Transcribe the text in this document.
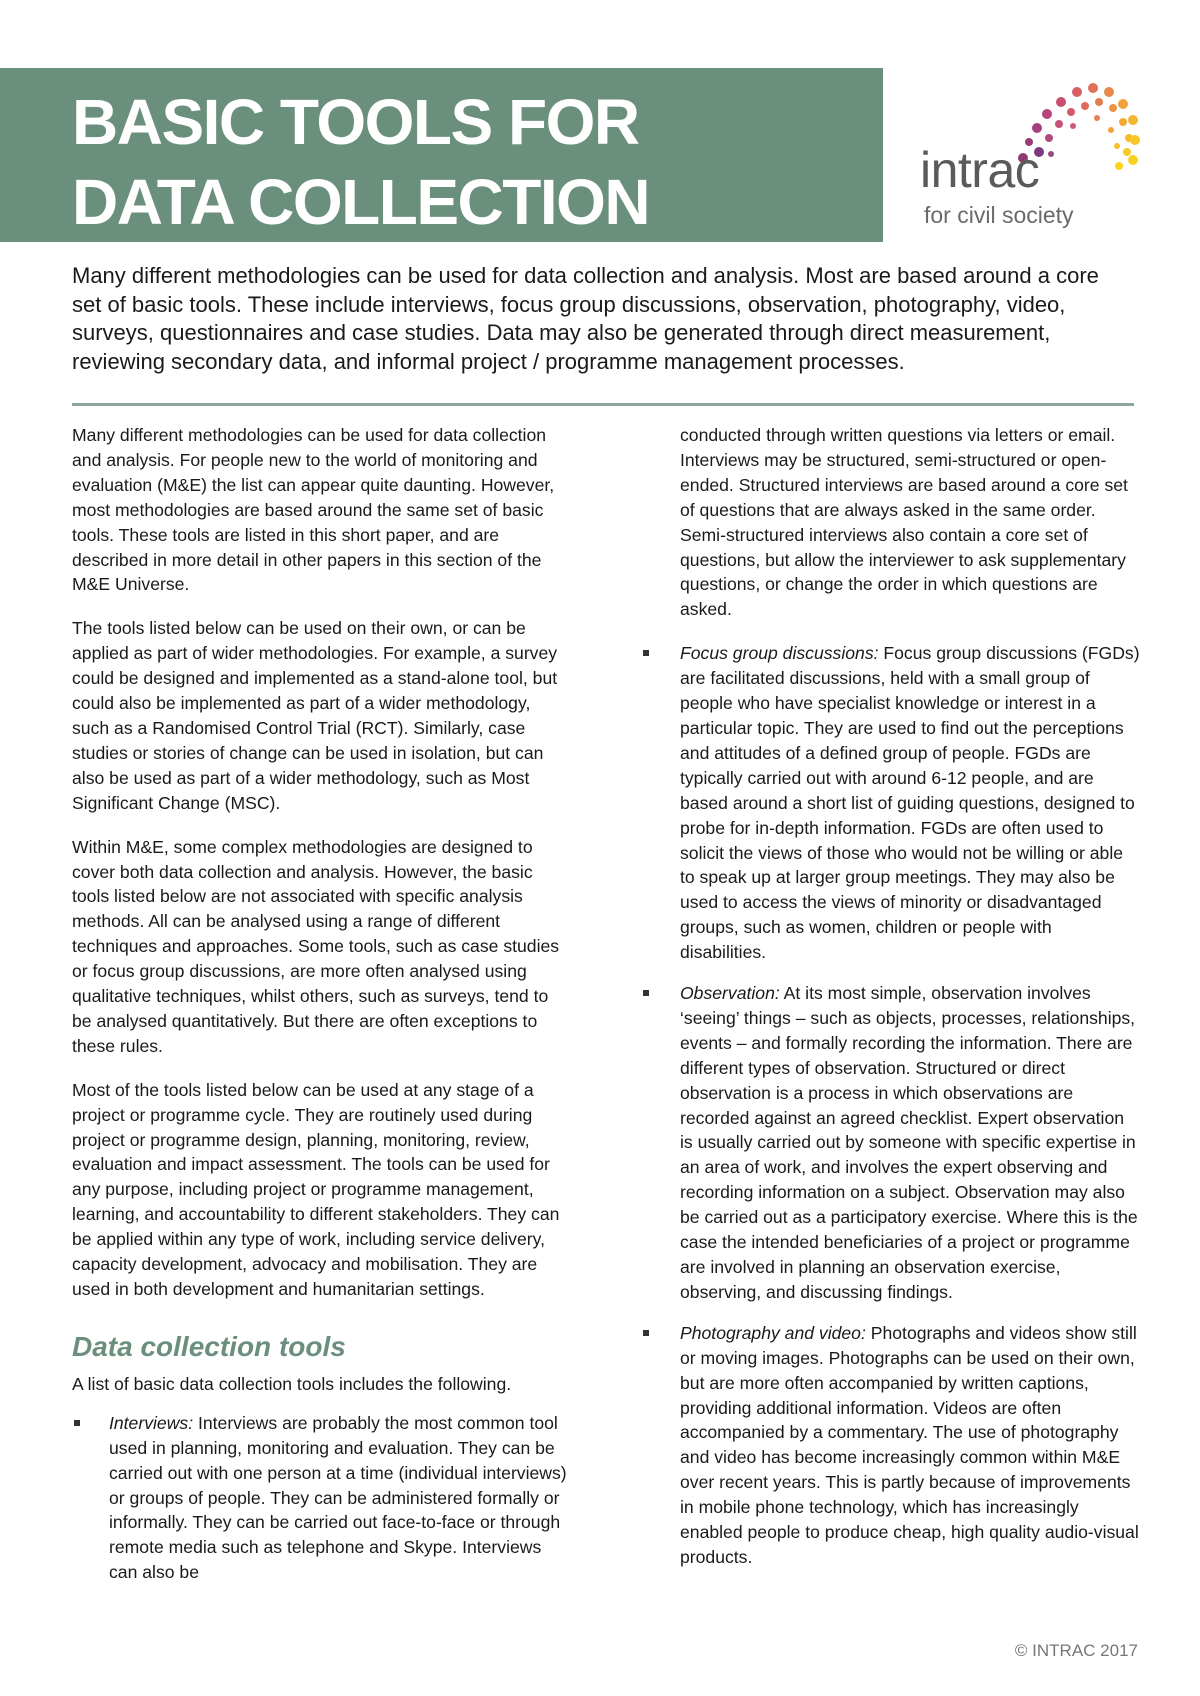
BASIC TOOLS FOR
DATA COLLECTION	intrac
for civil society

Many different methodologies can be used for data collection and analysis. Most are based around a core set of basic tools. These include interviews, focus group discussions, observation, photography, video, surveys, questionnaires and case studies. Data may also be generated through direct measurement, reviewing secondary data, and informal project / programme management processes.

Many different methodologies can be used for data collection and analysis. For people new to the world of monitoring and evaluation (M&E) the list can appear quite daunting. However, most methodologies are based around the same set of basic tools. These tools are listed in this short paper, and are described in more detail in other papers in this section of the M&E Universe.

The tools listed below can be used on their own, or can be applied as part of wider methodologies. For example, a survey could be designed and implemented as a stand-alone tool, but could also be implemented as part of a wider methodology, such as a Randomised Control Trial (RCT). Similarly, case studies or stories of change can be used in isolation, but can also be used as part of a wider methodology, such as Most Significant Change (MSC).

Within M&E, some complex methodologies are designed to cover both data collection and analysis. However, the basic tools listed below are not associated with specific analysis methods. All can be analysed using a range of different techniques and approaches. Some tools, such as case studies or focus group discussions, are more often analysed using qualitative techniques, whilst others, such as surveys, tend to be analysed quantitatively. But there are often exceptions to these rules.

Most of the tools listed below can be used at any stage of a project or programme cycle. They are routinely used during project or programme design, planning, monitoring, review, evaluation and impact assessment. The tools can be used for any purpose, including project or programme management, learning, and accountability to different stakeholders. They can be applied within any type of work, including service delivery, capacity development, advocacy and mobilisation. They are used in both development and humanitarian settings.

Data collection tools

A list of basic data collection tools includes the following.

Interviews: Interviews are probably the most common tool used in planning, monitoring and evaluation. They can be carried out with one person at a time (individual interviews) or groups of people. They can be administered formally or informally. They can be carried out face-to-face or through remote media such as telephone and Skype. Interviews can also be

conducted through written questions via letters or email. Interviews may be structured, semi-structured or open-ended. Structured interviews are based around a core set of questions that are always asked in the same order. Semi-structured interviews also contain a core set of questions, but allow the interviewer to ask supplementary questions, or change the order in which questions are asked.

Focus group discussions: Focus group discussions (FGDs) are facilitated discussions, held with a small group of people who have specialist knowledge or interest in a particular topic. They are used to find out the perceptions and attitudes of a defined group of people. FGDs are typically carried out with around 6-12 people, and are based around a short list of guiding questions, designed to probe for in-depth information. FGDs are often used to solicit the views of those who would not be willing or able to speak up at larger group meetings. They may also be used to access the views of minority or disadvantaged groups, such as women, children or people with disabilities.
Observation: At its most simple, observation involves ‘seeing’ things – such as objects, processes, relationships, events – and formally recording the information. There are different types of observation. Structured or direct observation is a process in which observations are recorded against an agreed checklist. Expert observation is usually carried out by someone with specific expertise in an area of work, and involves the expert observing and recording information on a subject. Observation may also be carried out as a participatory exercise. Where this is the case the intended beneficiaries of a project or programme are involved in planning an observation exercise, observing, and discussing findings.
Photography and video: Photographs and videos show still or moving images. Photographs can be used on their own, but are more often accompanied by written captions, providing additional information. Videos are often accompanied by a commentary. The use of photography and video has become increasingly common within M&E over recent years. This is partly because of improvements in mobile phone technology, which has increasingly enabled people to produce cheap, high quality audio-visual products.
© INTRAC 2017
